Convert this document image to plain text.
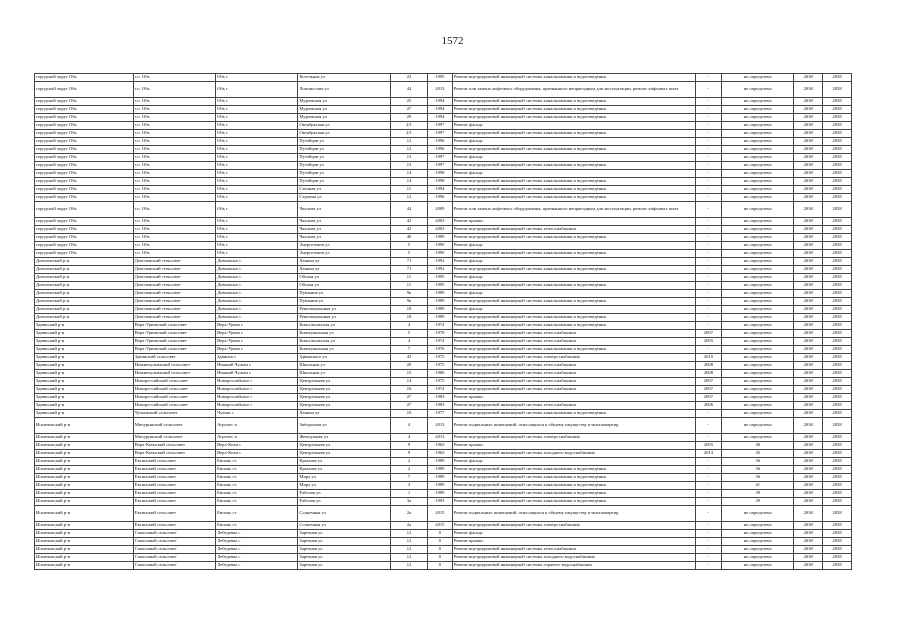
1572
городской округ Обь	г.о. Обь	Обь г	Котельная ул	22	1995	Ремонт внутридомовой инженерной системы канализования и водоотведения	-	не определено	2038	2038
городской округ Обь	г.о. Обь	Обь г	Ломоносова ул	44	2013	Ремонт или замена лифтового оборудования, признанного непригодным для эксплуатации, ремонт лифтовых шахт	-	не определено	2038	2038
городской округ Обь	г.о. Обь	Обь г	Муромская ул	25	1994	Ремонт внутридомовой инженерной системы канализования и водоотведения	-	не определено	2038	2038
городской округ Обь	г.о. Обь	Обь г	Муромская ул	27	1994	Ремонт внутридомовой инженерной системы канализования и водоотведения	-	не определено	2038	2038
городской округ Обь	г.о. Обь	Обь г	Муромская ул	29	1994	Ремонт внутридомовой инженерной системы канализования и водоотведения	-	не определено	2038	2038
городской округ Обь	г.о. Обь	Обь г	Октябрьская ул	2/1	1997	Ремонт фасада	-	не определено	2038	2038
городской округ Обь	г.о. Обь	Обь г	Октябрьская ул	2/1	1997	Ремонт внутридомовой инженерной системы канализования и водоотведения	-	не определено	2038	2038
городской округ Обь	г.о. Обь	Обь г	Путейцев ул	12	1996	Ремонт фасада	-	не определено	2038	2038
городской округ Обь	г.о. Обь	Обь г	Путейцев ул	12	1996	Ремонт внутридомовой инженерной системы канализования и водоотведения	-	не определено	2038	2038
городской округ Обь	г.о. Обь	Обь г	Путейцев ул	13	1997	Ремонт фасада	-	не определено	2038	2038
городской округ Обь	г.о. Обь	Обь г	Путейцев ул	13	1997	Ремонт внутридомовой инженерной системы канализования и водоотведения	-	не определено	2038	2038
городской округ Обь	г.о. Обь	Обь г	Путейцев ул	14	1998	Ремонт фасада	-	не определено	2038	2038
городской округ Обь	г.о. Обь	Обь г	Путейцев ул	14	1998	Ремонт внутридомовой инженерной системы канализования и водоотведения	-	не определено	2038	2038
городской округ Обь	г.о. Обь	Обь г	Степная ул	11	1994	Ремонт внутридомовой инженерной системы канализования и водоотведения	-	не определено	2038	2038
городской округ Обь	г.о. Обь	Обь г	Строина ул	12	1996	Ремонт внутридомовой инженерной системы канализования и водоотведения	-	не определено	2038	2038
городской округ Обь	г.о. Обь	Обь г	Чкалова ул	44	2009	Ремонт или замена лифтового оборудования, признанного непригодным для эксплуатации, ремонт лифтовых шахт	-	не определено	2038	2038
городской округ Обь	г.о. Обь	Обь г	Чкалова ул	42	2003	Ремонт крыши	-	не определено	2038	2038
городской округ Обь	г.о. Обь	Обь г	Чкалова ул	42	2003	Ремонт внутридомовой инженерной системы теплоснабжения	-	не определено	2038	2038
городской округ Обь	г.о. Обь	Обь г	Чкалова ул	40	1989	Ремонт внутридомовой инженерной системы канализования и водоотведения	-	не определено	2038	2038
городской округ Обь	г.о. Обь	Обь г	Энергетиков ул	5	1990	Ремонт фасада	-	не определено	2038	2038
городской округ Обь	г.о. Обь	Обь г	Энергетиков ул	5	1990	Ремонт внутридомовой инженерной системы канализования и водоотведения	-	не определено	2038	2038
Доволенский р-н	Доволенский сельсовет	Довольное с	Ленина ул	71	1992	Ремонт фасада	-	не определено	2038	2038
Доволенский р-н	Доволенский сельсовет	Довольное с	Ленина ул	71	1992	Ремонт внутридомовой инженерной системы канализования и водоотведения	-	не определено	2038	2038
Доволенский р-н	Доволенский сельсовет	Довольное с	Обская ул	11	1995	Ремонт фасада	-	не определено	2038	2038
Доволенский р-н	Доволенский сельсовет	Довольное с	Обская ул	11	1995	Ремонт внутридомовой инженерной системы канализования и водоотведения	-	не определено	2038	2038
Доволенский р-н	Доволенский сельсовет	Довольное с	Пушкина ул	9к	1989	Ремонт фасада	-	не определено	2038	2038
Доволенский р-н	Доволенский сельсовет	Довольное с	Пушкина ул	9к	1989	Ремонт внутридомовой инженерной системы канализования и водоотведения	-	не определено	2038	2038
Доволенский р-н	Доволенский сельсовет	Довольное с	Революционная ул	18	1989	Ремонт фасада	-	не определено	2038	2038
Доволенский р-н	Доволенский сельсовет	Довольное с	Революционная ул	18	1989	Ремонт внутридомовой инженерной системы канализования и водоотведения	-	не определено	2038	2038
Здвинский р-н	Верх-Урюмский сельсовет	Верх-Урюм с	Комсомольская ул	4	1974	Ремонт внутридомовой инженерной системы канализования и водоотведения	-	не определено	2038	2038
Здвинский р-н	Верх-Урюмский сельсовет	Верх-Урюм с	Коммунальная ул	5	1978	Ремонт внутридомовой инженерной системы теплоснабжения	2007	не определено	2038	2038
Здвинский р-н	Верх-Урюмский сельсовет	Верх-Урюм с	Комсомольская ул	4	1974	Ремонт внутридомовой инженерной системы теплоснабжения	2005	не определено	2038	2038
Здвинский р-н	Верх-Урюмский сельсовет	Верх-Урюм с	Коммунальная ул	7	1976	Ремонт внутридомовой инженерной системы канализования и водоотведения	-	не определено	2038	2038
Здвинский р-н	Здвинский сельсовет	Здвинск с	Здвинского ул	43	1975	Ремонт внутридомовой инженерной системы электроснабжения	2010	не определено	2038	2038
Здвинский р-н	Нижнечулымский сельсовет	Нижний Чулым с	Школьная ул	20	1975	Ремонт внутридомовой инженерной системы теплоснабжения	2008	не определено	2038	2038
Здвинский р-н	Нижнечулымский сельсовет	Нижний Чулым с	Школьная ул	15	1986	Ремонт внутридомовой инженерной системы теплоснабжения	2008	не определено	2038	2038
Здвинский р-н	Новороссийский сельсовет	Новороссийское с	Центральная ул	14	1975	Ремонт внутридомовой инженерной системы теплоснабжения	2007	не определено	2038	2038
Здвинский р-н	Новороссийский сельсовет	Новороссийское с	Центральная ул	16	1974	Ремонт внутридомовой инженерной системы теплоснабжения	2007	не определено	2038	2038
Здвинский р-н	Новороссийский сельсовет	Новороссийское с	Центральная ул	27	1983	Ремонт крыши	2007	не определено	2038	2038
Здвинский р-н	Новороссийский сельсовет	Новороссийское с	Центральная ул	27	1983	Ремонт внутридомовой инженерной системы теплоснабжения	2006	не определено	2038	2038
Здвинский р-н	Чулымский сельсовет	Чулым с	Ленина ул	10	1977	Ремонт внутридомовой инженерной системы канализования и водоотведения	-	не определено	2038	2038
Искитимский р-н	Мичуринский сельсовет	Агролес п	Звёздочная ул	4	2013	Ремонт подвальных помещений, относящихся к общему имуществу в многоквартир	-	не определено	2038	2038
Искитимский р-н	Мичуринский сельсовет	Агролес п	Жемчужная ул	4	2013	Ремонт внутридомовой инженерной системы электроснабжения	-	не определено	2038	2038
Искитимский р-н	Верх-Коенский сельсовет	Верх-Коен с	Центральная ул	9	1965	Ремонт крыши	2005	40	2038	2038
Искитимский р-н	Верх-Коенский сельсовет	Верх-Коен с	Центральная ул	9	1965	Ремонт внутридомовой инженерной системы холодного водоснабжения	2014	45	2038	2038
Искитимский р-н	Евсинский сельсовет	Евсино ст	Крылова ул	2	1989	Ремонт фасада	-	36	2038	2038
Искитимский р-н	Евсинский сельсовет	Евсино ст	Крылова ул	2	1989	Ремонт внутридомовой инженерной системы канализования и водоотведения	-	36	2038	2038
Искитимский р-н	Евсинский сельсовет	Евсино ст	Мира ул	7	1989	Ремонт внутридомовой инженерной системы канализования и водоотведения	-	36	2038	2038
Искитимский р-н	Евсинский сельсовет	Евсино ст	Мира ул	3	1989	Ремонт внутридомовой инженерной системы канализования и водоотведения	-	41	2038	2038
Искитимский р-н	Евсинский сельсовет	Евсино ст	Рабочая ул	1	1989	Ремонт внутридомовой инженерной системы канализования и водоотведения	-	39	2038	2038
Искитимский р-н	Евсинский сельсовет	Евсино ст	Рабочая ул	3а	1993	Ремонт внутридомовой инженерной системы канализования и водоотведения	-	29	2038	2038
Искитимский р-н	Евсинский сельсовет	Евсино ст	Солнечная ул	2а	2015	Ремонт подвальных помещений, относящихся к общему имуществу в многоквартир	-	не определено	2038	2038
Искитимский р-н	Евсинский сельсовет	Евсино ст	Солнечная ул	2а	2015	Ремонт внутридомовой инженерной системы электроснабжения	-	не определено	2038	2038
Искитимский р-н	Совхозный сельсовет	Лебедевка с	Заречная ул	12	0	Ремонт фасада	-	не определено	2038	2038
Искитимский р-н	Совхозный сельсовет	Лебедевка с	Заречная ул	12	0	Ремонт крыши	-	не определено	2038	2038
Искитимский р-н	Совхозный сельсовет	Лебедевка с	Заречная ул	12	0	Ремонт внутридомовой инженерной системы теплоснабжения	-	не определено	2038	2038
Искитимский р-н	Совхозный сельсовет	Лебедевка с	Заречная ул	12	0	Ремонт внутридомовой инженерной системы холодного водоснабжения	-	не определено	2038	2038
Искитимский р-н	Совхозный сельсовет	Лебедевка с	Заречная ул	12	0	Ремонт внутридомовой инженерной системы горячего водоснабжения	-	не определено	2038	2038
